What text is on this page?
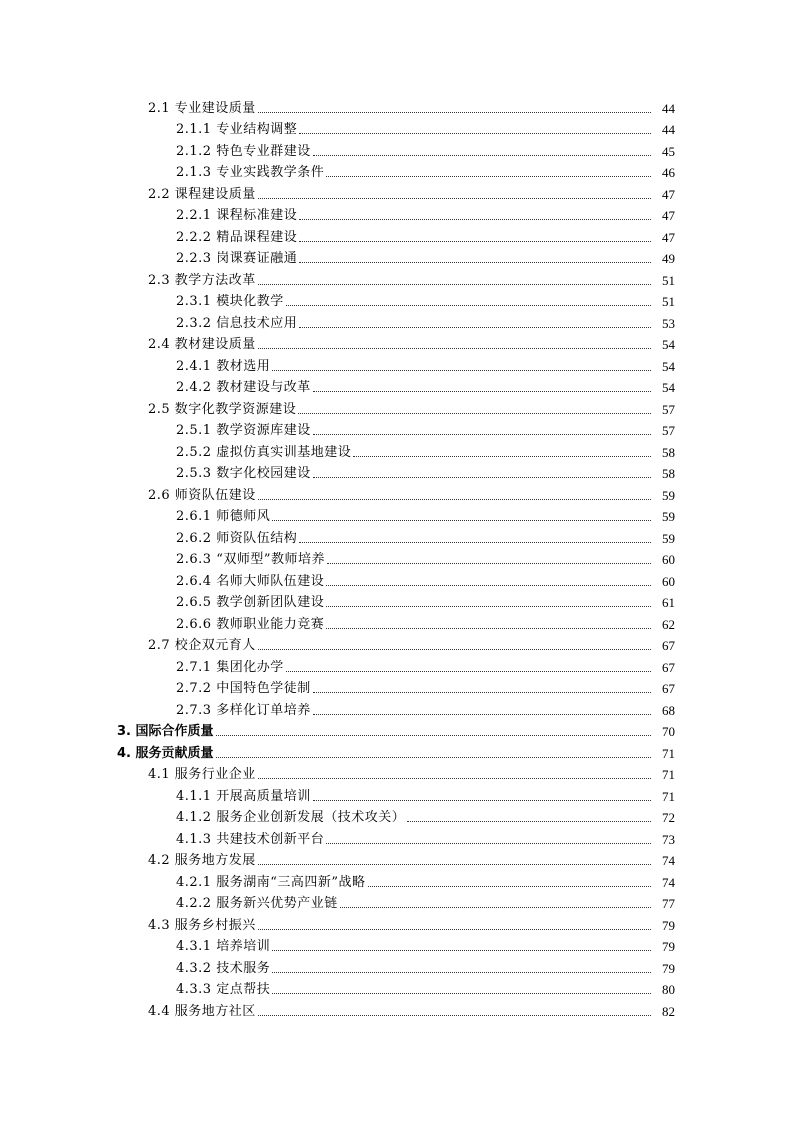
2.1 专业建设质量	44
2.1.1 专业结构调整	44
2.1.2 特色专业群建设	45
2.1.3 专业实践教学条件	46
2.2 课程建设质量	47
2.2.1 课程标准建设	47
2.2.2 精品课程建设	47
2.2.3 岗课赛证融通	49
2.3 教学方法改革	51
2.3.1 模块化教学	51
2.3.2 信息技术应用	53
2.4 教材建设质量	54
2.4.1 教材选用	54
2.4.2 教材建设与改革	54
2.5 数字化教学资源建设	57
2.5.1 教学资源库建设	57
2.5.2 虚拟仿真实训基地建设	58
2.5.3 数字化校园建设	58
2.6 师资队伍建设	59
2.6.1 师德师风	59
2.6.2 师资队伍结构	59
2.6.3 “双师型”教师培养	60
2.6.4 名师大师队伍建设	60
2.6.5 教学创新团队建设	61
2.6.6 教师职业能力竞赛	62
2.7 校企双元育人	67
2.7.1 集团化办学	67
2.7.2 中国特色学徒制	67
2.7.3 多样化订单培养	68
3. 国际合作质量	70
4. 服务贡献质量	71
4.1 服务行业企业	71
4.1.1 开展高质量培训	71
4.1.2 服务企业创新发展（技术攻关）	72
4.1.3 共建技术创新平台	73
4.2 服务地方发展	74
4.2.1 服务湖南“三高四新”战略	74
4.2.2 服务新兴优势产业链	77
4.3 服务乡村振兴	79
4.3.1 培养培训	79
4.3.2 技术服务	79
4.3.3 定点帮扶	80
4.4 服务地方社区	82
